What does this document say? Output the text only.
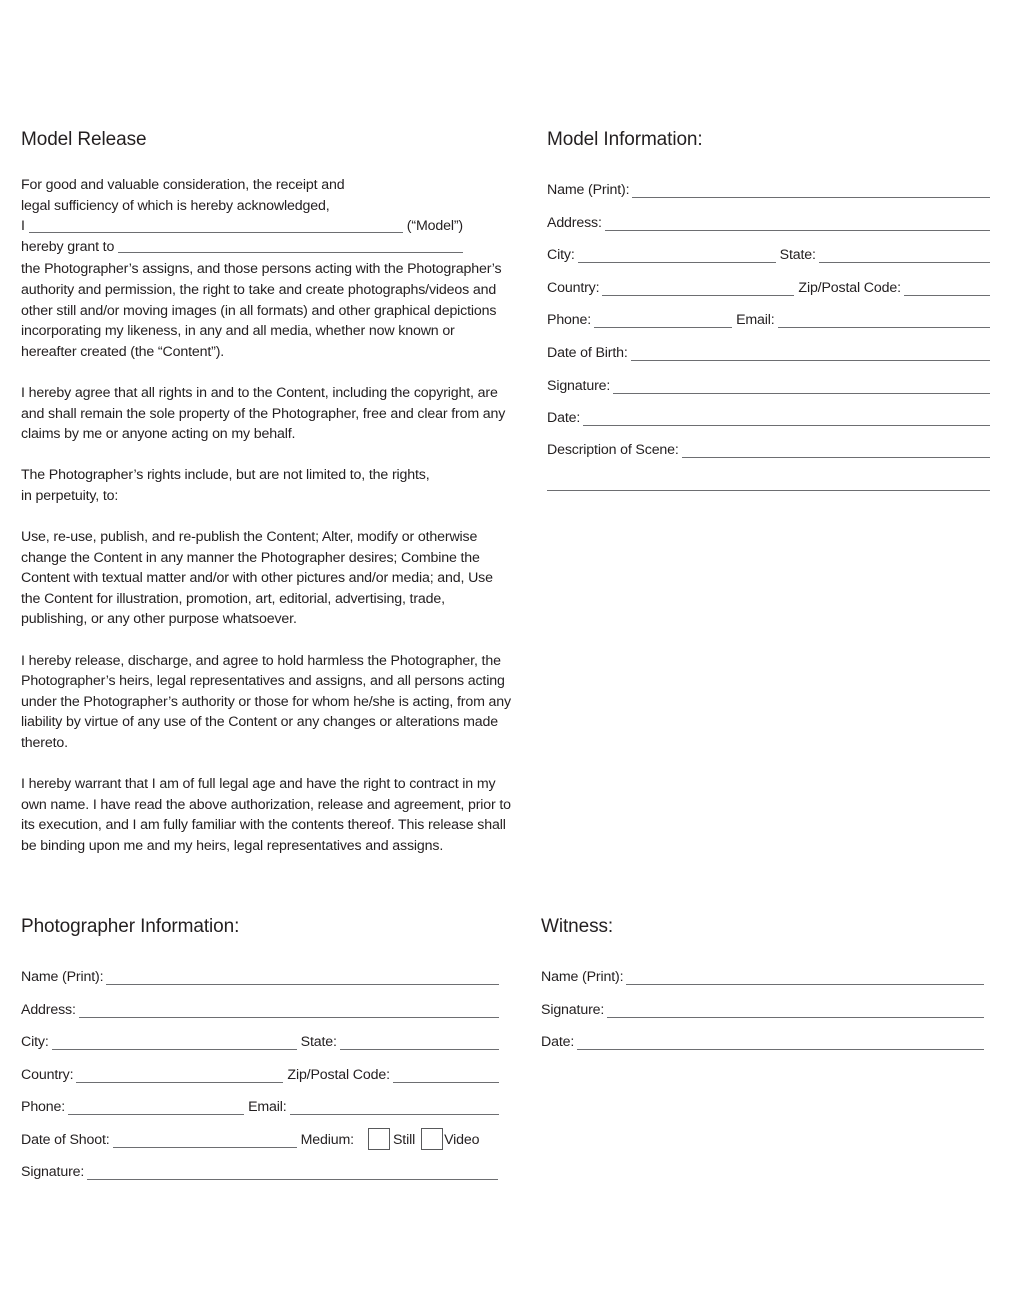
Model Release
For good and valuable consideration, the receipt and
legal sufficiency of which is hereby acknowledged,
I	(“Model”)
hereby grant to
the Photographer’s assigns, and those persons acting with the Photographer’s authority and permission, the right to take and create photographs/videos and other still and/or moving images (in all formats) and other graphical depictions incorporating my likeness, in any and all media, whether now known or hereafter created (the “Content”).
I hereby agree that all rights in and to the Content, including the copyright, are and shall remain the sole property of the Photographer, free and clear from any claims by me or anyone acting on my behalf.
The Photographer’s rights include, but are not limited to, the rights,
in perpetuity, to:
Use, re-use, publish, and re-publish the Content; Alter, modify or otherwise change the Content in any manner the Photographer desires; Combine the Content with textual matter and/or with other pictures and/or media; and, Use the Content for illustration, promotion, art, editorial, advertising, trade, publishing, or any other purpose whatsoever.
I hereby release, discharge, and agree to hold harmless the Photographer, the Photographer’s heirs, legal representatives and assigns, and all persons acting under the Photographer’s authority or those for whom he/she is acting, from any liability by virtue of any use of the Content or any changes or alterations made thereto.
I hereby warrant that I am of full legal age and have the right to contract in my own name. I have read the above authorization, release and agreement, prior to its execution, and I am fully familiar with the contents thereof. This release shall be binding upon me and my heirs, legal representatives and assigns.
Model Information:
Name (Print):
Address:
City:	State:
Country:	Zip/Postal Code:
Phone:	Email:
Date of Birth:
Signature:
Date:
Description of Scene:
Photographer Information:
Name (Print):
Address:
City:	State:
Country:	Zip/Postal Code:
Phone:	Email:
Date of Shoot:	Medium:	Still Video
Signature:
Witness:
Name (Print):
Signature:
Date:
